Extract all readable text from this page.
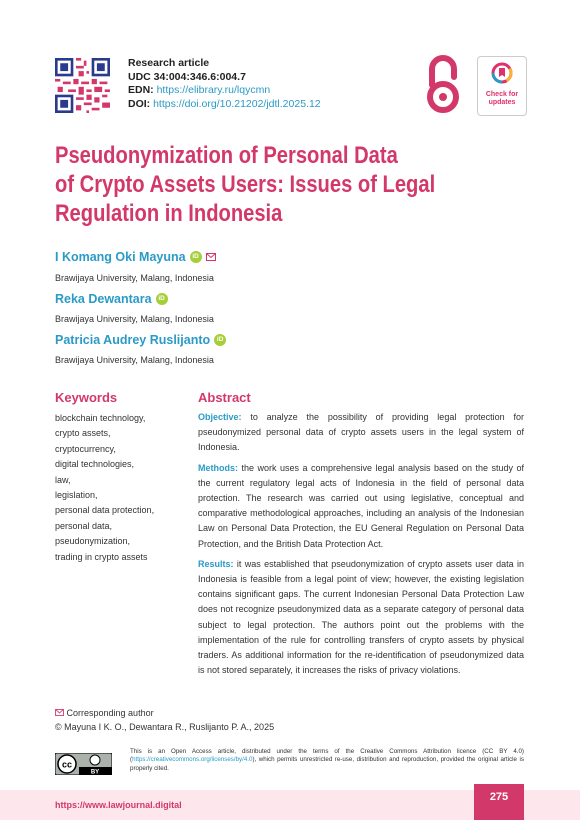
Research article
UDC 34:004:346.6:004.7
EDN: https://elibrary.ru/lqycmn
DOI: https://doi.org/10.21202/jdtl.2025.12
Check for
updates
Pseudonymization of Personal Data
of Crypto Assets Users: Issues of Legal
Regulation in Indonesia
I Komang Oki Mayuna	iD
Brawijaya University, Malang, Indonesia
Reka Dewantara	iD
Brawijaya University, Malang, Indonesia
Patricia Audrey Ruslijanto	iD
Brawijaya University, Malang, Indonesia
Keywords
blockchain technology,
crypto assets,
cryptocurrency,
digital technologies,
law,
legislation,
personal data protection,
personal data,
pseudonymization,
trading in crypto assets
Abstract

Objective: to analyze the possibility of providing legal protection for pseudonymized personal data of crypto assets users in the legal system of Indonesia.

Methods: the work uses a comprehensive legal analysis based on the study of the current regulatory legal acts of Indonesia in the field of personal data protection. The research was carried out using legislative, conceptual and comparative methodological approaches, including an analysis of the Indonesian Law on Personal Data Protection, the EU General Regulation on Personal Data Protection, and the British Data Protection Act.

Results: it was established that pseudonymization of crypto assets user data in Indonesia is feasible from a legal point of view; however, the existing legislation contains significant gaps. The current Indonesian Personal Data Protection Law does not recognize pseudonymized data as a separate category of personal data subject to legal protection. The authors point out the problems with the implementation of the rule for controlling transfers of crypto assets by physical traders. As additional information for the re-identification of pseudonymized data is not stored separately, it increases the risks of privacy violations.

Corresponding author
© Mayuna I K. O., Dewantara R., Ruslijanto P. A., 2025
cc
BY
This is an Open Access article, distributed under the terms of the Creative Commons Attribution licence (CC BY 4.0) (https://creativecommons.org/licenses/by/4.0), which permits unrestricted re-use, distribution and reproduction, provided the original article is properly cited.
https://www.lawjournal.digital
275
